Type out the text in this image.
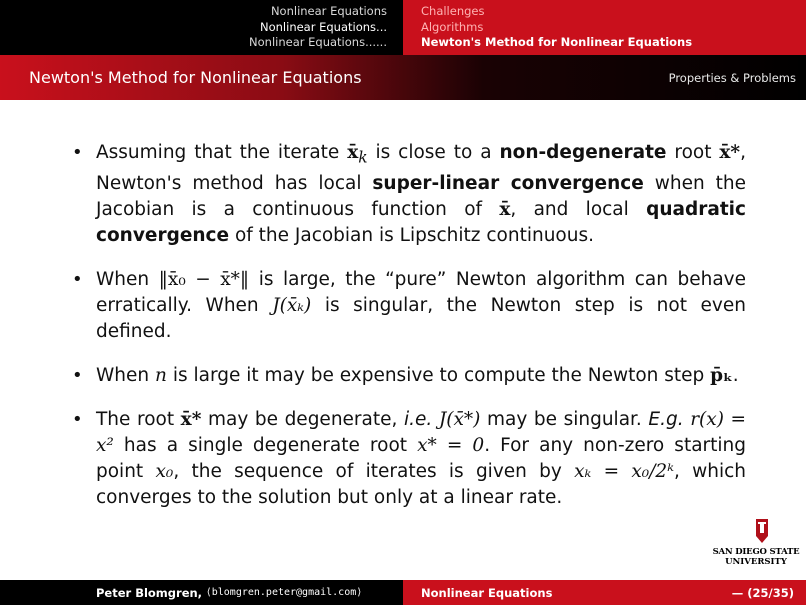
Nonlinear Equations
Nonlinear Equations...
Nonlinear Equations......
Challenges
Algorithms
Newton's Method for Nonlinear Equations
Newton's Method for Nonlinear Equations	Properties & Problems
• Assuming that the iterate $x̄_k$ is close to a non-degenerate root x̄*, Newton's method has local super-linear convergence when the Jacobian is a continuous function of x̄, and local quadratic convergence of the Jacobian is Lipschitz continuous.

• When ‖x̄₀ − x̄*‖ is large, the “pure” Newton algorithm can behave erratically. When J(x̄ₖ) is singular, the Newton step is not even defined.

• When n is large it may be expensive to compute the Newton step p̄ₖ.

• The root x̄* may be degenerate, i.e. J(x̄*) may be singular. E.g. r(x) = x² has a single degenerate root x* = 0. For any non-zero starting point x₀, the sequence of iterates is given by xₖ = x₀/2ᵏ, which converges to the solution but only at a linear rate.

SAN DIEGO STATE
UNIVERSITY
Peter Blomgren,
⟨blomgren.peter@gmail.com⟩	Nonlinear Equations	— (25/35)
